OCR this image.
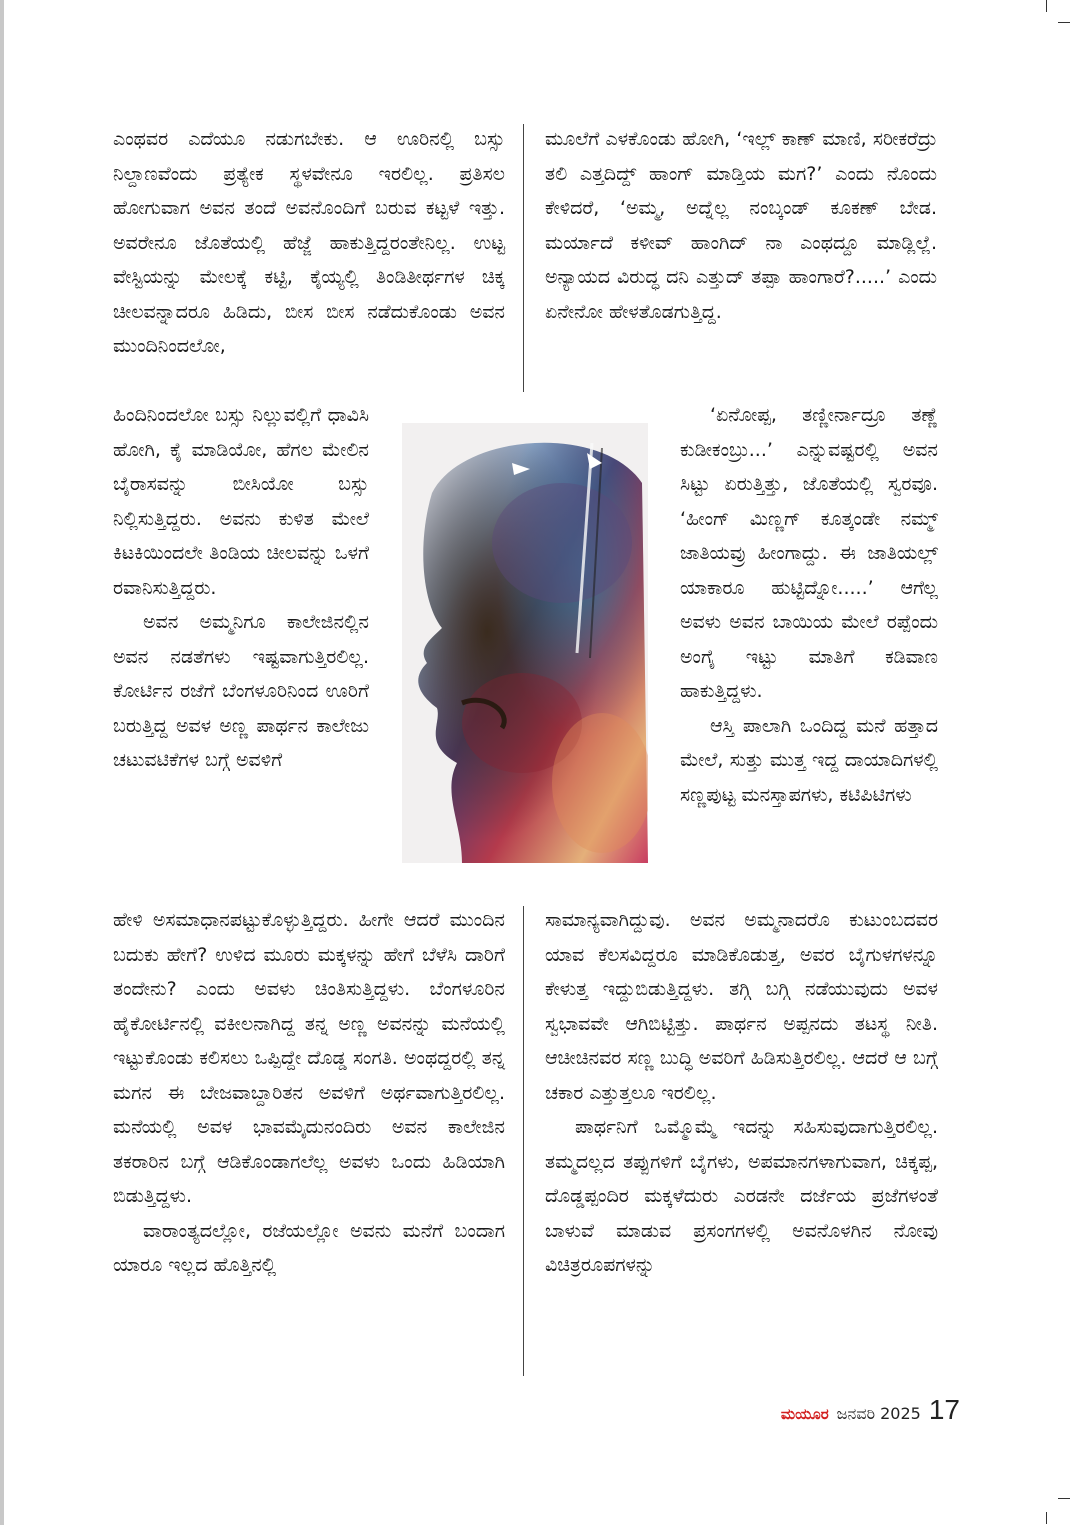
ಎಂಥವರ ಎದೆಯೂ ನಡುಗಬೇಕು. ಆ ಊರಿನಲ್ಲಿ ಬಸ್ಸು ನಿಲ್ದಾಣವೆಂದು ಪ್ರತ್ಯೇಕ ಸ್ಥಳವೇನೂ ಇರಲಿಲ್ಲ. ಪ್ರತಿಸಲ ಹೋಗುವಾಗ ಅವನ ತಂದೆ ಅವನೊಂದಿಗೆ ಬರುವ ಕಟ್ಟಳೆ ಇತ್ತು. ಅವರೇನೂ ಜೊತೆಯಲ್ಲಿ ಹೆಜ್ಜೆ ಹಾಕುತ್ತಿದ್ದರಂತೇನಿಲ್ಲ. ಉಟ್ಟ ವೇಸ್ಟಿಯನ್ನು ಮೇಲಕ್ಕೆ ಕಟ್ಟಿ, ಕೈಯ್ಯಲ್ಲಿ ತಿಂಡಿತೀರ್ಥಗಳ ಚಿಕ್ಕ ಚೀಲವನ್ನಾದರೂ ಹಿಡಿದು, ಬೀಸ ಬೀಸ ನಡೆದುಕೊಂಡು ಅವನ ಮುಂದಿನಿಂದಲೋ,

ಹಿಂದಿನಿಂದಲೋ ಬಸ್ಸು ನಿಲ್ಲುವಲ್ಲಿಗೆ ಧಾವಿಸಿ ಹೋಗಿ, ಕೈ ಮಾಡಿಯೋ, ಹೆಗಲ ಮೇಲಿನ ಬೈರಾಸವನ್ನು ಬೀಸಿಯೋ ಬಸ್ಸು ನಿಲ್ಲಿಸುತ್ತಿದ್ದರು. ಅವನು ಕುಳಿತ ಮೇಲೆ ಕಿಟಕಿಯಿಂದಲೇ ತಿಂಡಿಯ ಚೀಲವನ್ನು ಒಳಗೆ ರವಾನಿಸುತ್ತಿದ್ದರು.

ಅವನ ಅಮ್ಮನಿಗೂ ಕಾಲೇಜಿನಲ್ಲಿನ ಅವನ ನಡತೆಗಳು ಇಷ್ಟವಾಗುತ್ತಿರಲಿಲ್ಲ. ಕೋರ್ಟಿನ ರಜೆಗೆ ಬೆಂಗಳೂರಿನಿಂದ ಊರಿಗೆ ಬರುತ್ತಿದ್ದ ಅವಳ ಅಣ್ಣ ಪಾರ್ಥನ ಕಾಲೇಜು ಚಟುವಟಿಕೆಗಳ ಬಗ್ಗೆ ಅವಳಿಗೆ

ಹೇಳಿ ಅಸಮಾಧಾನಪಟ್ಟುಕೊಳ್ಳುತ್ತಿದ್ದರು. ಹೀಗೇ ಆದರೆ ಮುಂದಿನ ಬದುಕು ಹೇಗೆ? ಉಳಿದ ಮೂರು ಮಕ್ಕಳನ್ನು ಹೇಗೆ ಬೆಳೆಸಿ ದಾರಿಗೆ ತಂದೇನು? ಎಂದು ಅವಳು ಚಿಂತಿಸುತ್ತಿದ್ದಳು. ಬೆಂಗಳೂರಿನ ಹೈಕೋರ್ಟಿನಲ್ಲಿ ವಕೀಲನಾಗಿದ್ದ ತನ್ನ ಅಣ್ಣ ಅವನನ್ನು ಮನೆಯಲ್ಲಿ ಇಟ್ಟುಕೊಂಡು ಕಲಿಸಲು ಒಪ್ಪಿದ್ದೇ ದೊಡ್ಡ ಸಂಗತಿ. ಅಂಥದ್ದರಲ್ಲಿ ತನ್ನ ಮಗನ ಈ ಬೇಜವಾಬ್ದಾರಿತನ ಅವಳಿಗೆ ಅರ್ಥವಾಗುತ್ತಿರಲಿಲ್ಲ. ಮನೆಯಲ್ಲಿ ಅವಳ ಭಾವಮೈದುನಂದಿರು ಅವನ ಕಾಲೇಜಿನ ತಕರಾರಿನ ಬಗ್ಗೆ ಆಡಿಕೊಂಡಾಗಲೆಲ್ಲ ಅವಳು ಒಂದು ಹಿಡಿಯಾಗಿ ಬಿಡುತ್ತಿದ್ದಳು.

ವಾರಾಂತ್ಯದಲ್ಲೋ, ರಜೆಯಲ್ಲೋ ಅವನು ಮನೆಗೆ ಬಂದಾಗ ಯಾರೂ ಇಲ್ಲದ ಹೊತ್ತಿನಲ್ಲಿ

ಮೂಲೆಗೆ ಎಳಕೊಂಡು ಹೋಗಿ, ‘ಇಲ್ಲ್ ಕಾಣ್ ಮಾಣಿ, ಸರೀಕರೆದ್ರು ತಲಿ ಎತ್ತದಿದ್ದ್ ಹಾಂಗ್ ಮಾಡ್ತಿಯ ಮಗ?’ ಎಂದು ನೊಂದು ಕೇಳಿದರೆ, ‘ಅಮ್ಮ, ಅದ್ನೆಲ್ಲ ನಂಬ್ಕಂಡ್ ಕೂಕಣ್ ಬೇಡ. ಮರ್ಯಾದೆ ಕಳೀವ್ ಹಾಂಗಿದ್ ನಾ ಎಂಥದ್ದೂ ಮಾಡ್ಲಿಲ್ಲೆ. ಅನ್ಯಾಯದ ವಿರುದ್ಧ ದನಿ ಎತ್ತುದ್ ತಪ್ಪಾ ಹಾಂಗಾರೆ?.....’ ಎಂದು ಏನೇನೋ ಹೇಳತೊಡಗುತ್ತಿದ್ದ.

‘ಏನೋಪ್ಪ, ತಣ್ಣೀರ್ನಾದ್ರೂ ತಣ್ಣೆ ಕುಡೀಕಂಬ್ರು...’ ಎನ್ನುವಷ್ಟರಲ್ಲಿ ಅವನ ಸಿಟ್ಟು ಏರುತ್ತಿತ್ತು, ಜೊತೆಯಲ್ಲಿ ಸ್ವರವೂ. ‘ಹೀಂಗ್ ಮಿಣ್ಣಗ್ ಕೂತ್ಕಂಡೇ ನಮ್ಮ್ ಜಾತಿಯವ್ರು ಹೀಂಗಾದ್ದು. ಈ ಜಾತಿಯಲ್ಲ್ ಯಾಕಾರೂ ಹುಟ್ಟಿದ್ನೋ.....’ ಆಗೆಲ್ಲ ಅವಳು ಅವನ ಬಾಯಿಯ ಮೇಲೆ ರಪ್ಪೆಂದು ಅಂಗೈ ಇಟ್ಟು ಮಾತಿಗೆ ಕಡಿವಾಣ ಹಾಕುತ್ತಿದ್ದಳು.

ಆಸ್ತಿ ಪಾಲಾಗಿ ಒಂದಿದ್ದ ಮನೆ ಹತ್ತಾದ ಮೇಲೆ, ಸುತ್ತು ಮುತ್ತ ಇದ್ದ ದಾಯಾದಿಗಳಲ್ಲಿ ಸಣ್ಣಪುಟ್ಟ ಮನಸ್ತಾಪಗಳು, ಕಟಿಪಿಟಿಗಳು

ಸಾಮಾನ್ಯವಾಗಿದ್ದುವು. ಅವನ ಅಮ್ಮನಾದರೊ ಕುಟುಂಬದವರ ಯಾವ ಕೆಲಸವಿದ್ದರೂ ಮಾಡಿಕೊಡುತ್ತ, ಅವರ ಬೈಗುಳಗಳನ್ನೂ ಕೇಳುತ್ತ ಇದ್ದುಬಿಡುತ್ತಿದ್ದಳು. ತಗ್ಗಿ ಬಗ್ಗಿ ನಡೆಯುವುದು ಅವಳ ಸ್ವಭಾವವೇ ಆಗಿಬಿಟ್ಟಿತ್ತು. ಪಾರ್ಥನ ಅಪ್ಪನದು ತಟಸ್ಥ ನೀತಿ. ಆಚೀಚಿನವರ ಸಣ್ಣ ಬುದ್ಧಿ ಅವರಿಗೆ ಹಿಡಿಸುತ್ತಿರಲಿಲ್ಲ. ಆದರೆ ಆ ಬಗ್ಗೆ ಚಕಾರ ಎತ್ತುತ್ತಲೂ ಇರಲಿಲ್ಲ.

ಪಾರ್ಥನಿಗೆ ಒಮ್ಮೊಮ್ಮೆ ಇದನ್ನು ಸಹಿಸುವುದಾಗುತ್ತಿರಲಿಲ್ಲ. ತಮ್ಮದಲ್ಲದ ತಪ್ಪುಗಳಿಗೆ ಬೈಗಳು, ಅಪಮಾನಗಳಾಗುವಾಗ, ಚಿಕ್ಕಪ್ಪ, ದೊಡ್ಡಪ್ಪಂದಿರ ಮಕ್ಕಳೆದುರು ಎರಡನೇ ದರ್ಜೆಯ ಪ್ರಜೆಗಳಂತೆ ಬಾಳುವೆ ಮಾಡುವ ಪ್ರಸಂಗಗಳಲ್ಲಿ ಅವನೊಳಗಿನ ನೋವು ವಿಚಿತ್ರರೂಪಗಳನ್ನು

ಮಯೂರ ಜನವರಿ 2025 17
